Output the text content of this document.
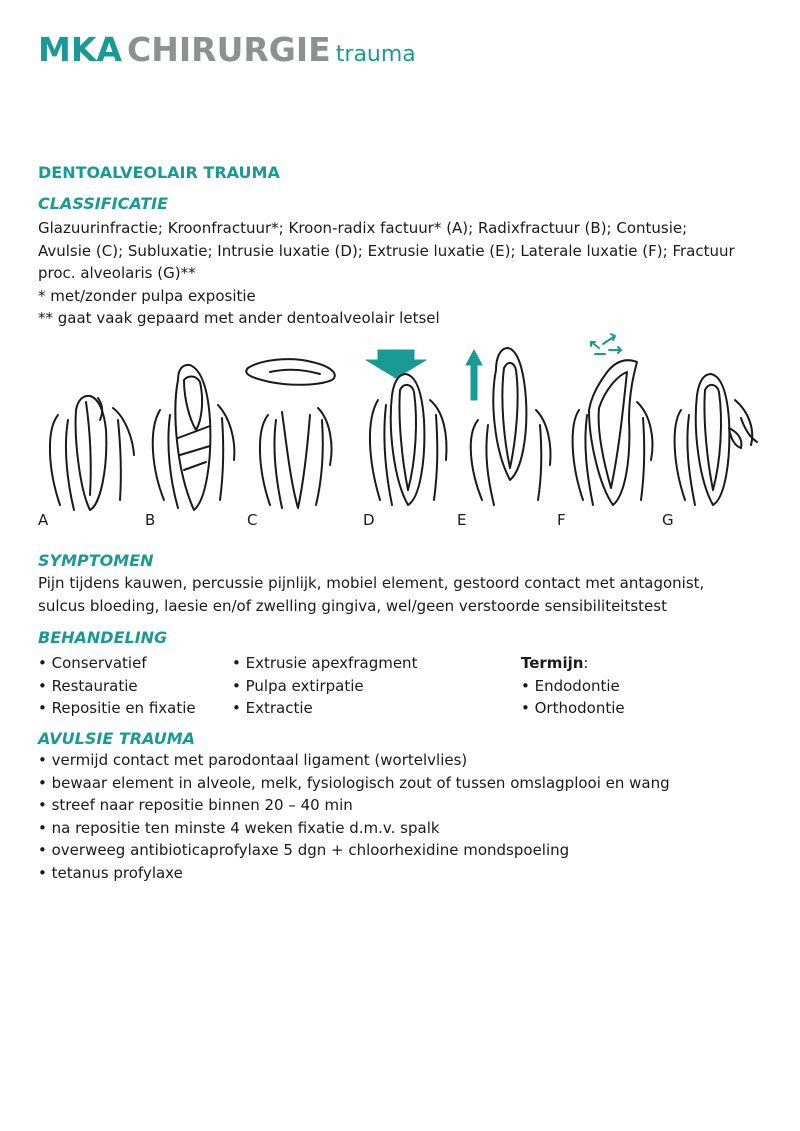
MKA CHIRURGIE trauma
DENTOALVEOLAIR TRAUMA
CLASSIFICATIE
Glazuurinfractie; Kroonfractuur*; Kroon-radix factuur* (A); Radixfractuur (B); Contusie;
Avulsie (C); Subluxatie; Intrusie luxatie (D); Extrusie luxatie (E); Laterale luxatie (F); Fractuur
proc. alveolaris (G)**
* met/zonder pulpa expositie
** gaat vaak gepaard met ander dentoalveolair letsel
A	B	C	D	E	F	G
SYMPTOMEN
Pijn tijdens kauwen, percussie pijnlijk, mobiel element, gestoord contact met antagonist,
sulcus bloeding, laesie en/of zwelling gingiva, wel/geen verstoorde sensibiliteitstest
BEHANDELING
• Conservatief
• Restauratie
• Repositie en fixatie
• Extrusie apexfragment
• Pulpa extirpatie
• Extractie
Termijn:
• Endodontie
• Orthodontie
AVULSIE TRAUMA
• vermijd contact met parodontaal ligament (wortelvlies)
• bewaar element in alveole, melk, fysiologisch zout of tussen omslagplooi en wang
• streef naar repositie binnen 20 – 40 min
• na repositie ten minste 4 weken fixatie d.m.v. spalk
• overweeg antibioticaprofylaxe 5 dgn + chloorhexidine mondspoeling
• tetanus profylaxe
